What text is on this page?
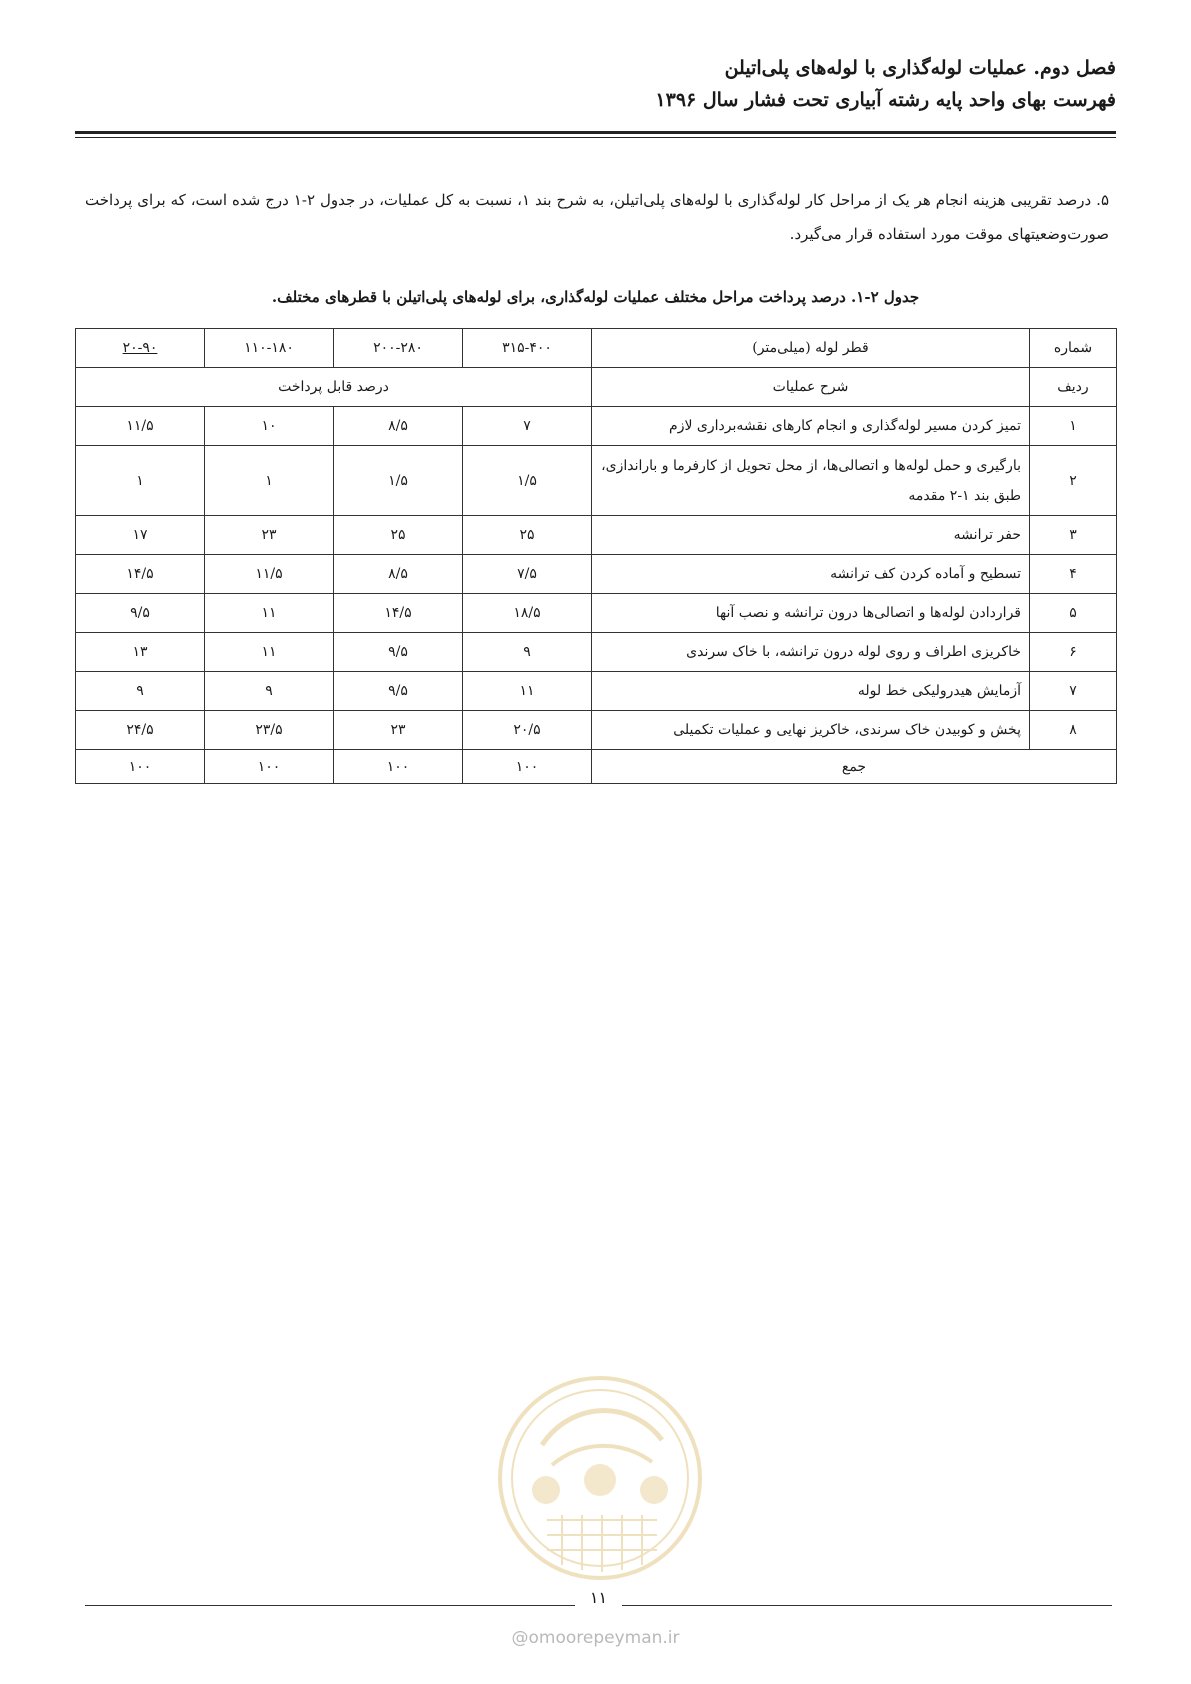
فصل دوم. عملیات لوله‌گذاری با لوله‌های پلی‌اتیلن
فهرست بهای واحد پایه رشته آبیاری تحت فشار سال ۱۳۹۶

۵. درصد تقریبی هزینه انجام هر یک از مراحل کار لوله‌گذاری با لوله‌های پلی‌اتیلن، به شرح بند ۱، نسبت به کل عملیات، در جدول ۲-۱ درج شده است، که برای پرداخت صورت‌وضعیتهای موقت مورد استفاده قرار می‌گیرد.

جدول ۲-۱. درصد پرداخت مراحل مختلف عملیات لوله‌گذاری، برای لوله‌های پلی‌اتیلن با قطرهای مختلف.
شماره	قطر لوله (میلی‌متر)	۳۱۵-۴۰۰	۲۰۰-۲۸۰	۱۱۰-۱۸۰	۲۰-۹۰
ردیف	شرح عملیات	درصد قابل پرداخت			
۱	تمیز کردن مسیر لوله‌گذاری و انجام کارهای نقشه‌برداری لازم	۷	۸/۵	۱۰	۱۱/۵
۲	بارگیری و حمل لوله‌ها و اتصالی‌ها، از محل تحویل از کارفرما و باراندازی، طبق بند ۱-۲ مقدمه	۱/۵	۱/۵	۱	۱
۳	حفر ترانشه	۲۵	۲۵	۲۳	۱۷
۴	تسطیح و آماده کردن کف ترانشه	۷/۵	۸/۵	۱۱/۵	۱۴/۵
۵	قراردادن لوله‌ها و اتصالی‌ها درون ترانشه و نصب آنها	۱۸/۵	۱۴/۵	۱۱	۹/۵
۶	خاکریزی اطراف و روی لوله درون ترانشه، با خاک سرندی	۹	۹/۵	۱۱	۱۳
۷	آزمایش هیدرولیکی خط لوله	۱۱	۹/۵	۹	۹
۸	پخش و کوبیدن خاک سرندی، خاکریز نهایی و عملیات تکمیلی	۲۰/۵	۲۳	۲۳/۵	۲۴/۵
جمع		۱۰۰	۱۰۰	۱۰۰	۱۰۰
۱۱
@omoorepeyman.ir
